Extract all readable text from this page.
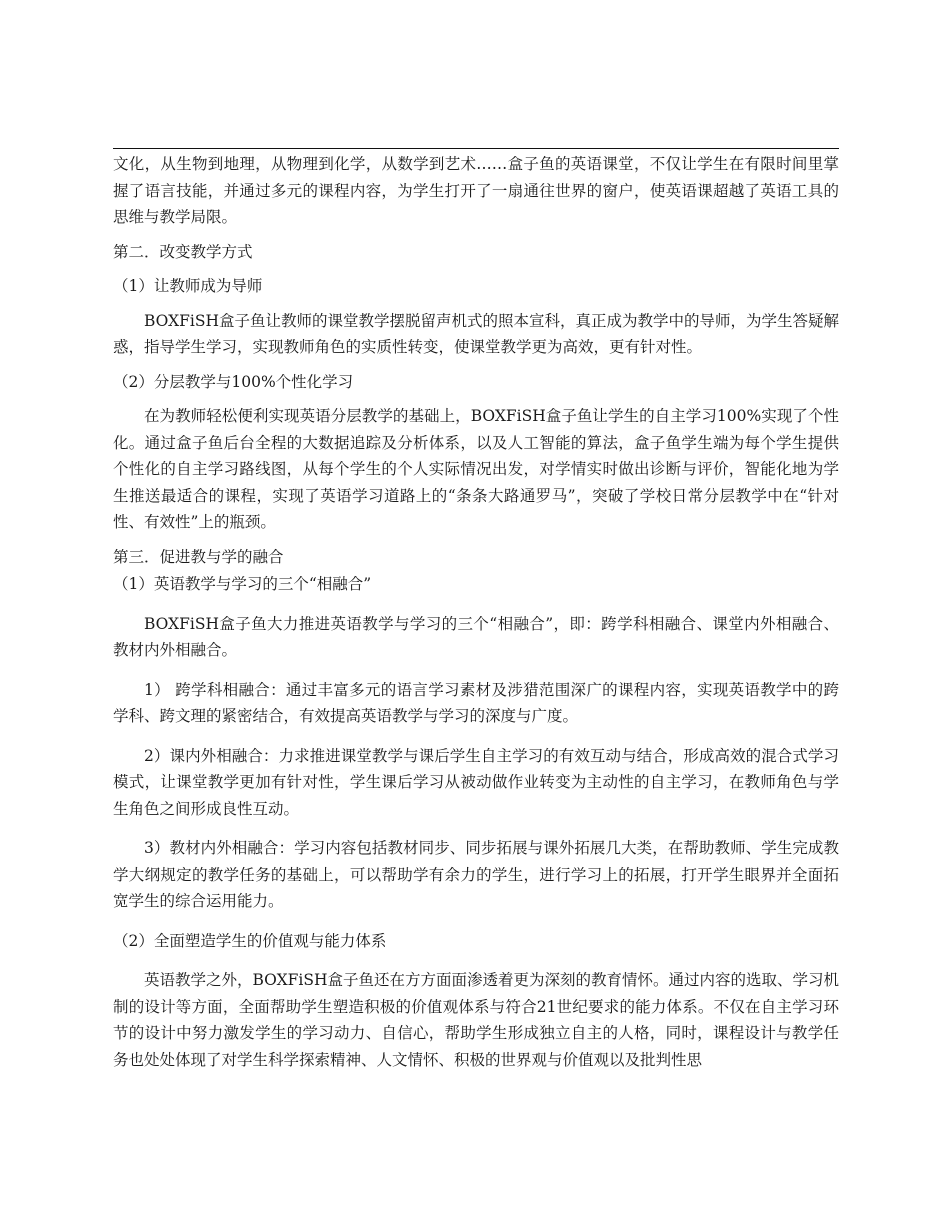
文化，从生物到地理，从物理到化学，从数学到艺术……盒子鱼的英语课堂，不仅让学生在有限时间里掌握了语言技能，并通过多元的课程内容，为学生打开了一扇通往世界的窗户，使英语课超越了英语工具的思维与教学局限。

第二．改变教学方式

（1）让教师成为导师

BOXFiSH盒子鱼让教师的课堂教学摆脱留声机式的照本宣科，真正成为教学中的导师，为学生答疑解惑，指导学生学习，实现教师角色的实质性转变，使课堂教学更为高效，更有针对性。

（2）分层教学与100%个性化学习

在为教师轻松便利实现英语分层教学的基础上，BOXFiSH盒子鱼让学生的自主学习100%实现了个性化。通过盒子鱼后台全程的大数据追踪及分析体系，以及人工智能的算法，盒子鱼学生端为每个学生提供个性化的自主学习路线图，从每个学生的个人实际情况出发，对学情实时做出诊断与评价，智能化地为学生推送最适合的课程，实现了英语学习道路上的“条条大路通罗马”，突破了学校日常分层教学中在“针对性、有效性”上的瓶颈。

第三．促进教与学的融合

（1）英语教学与学习的三个“相融合”

BOXFiSH盒子鱼大力推进英语教学与学习的三个“相融合”，即：跨学科相融合、课堂内外相融合、教材内外相融合。

1） 跨学科相融合：通过丰富多元的语言学习素材及涉猎范围深广的课程内容，实现英语教学中的跨学科、跨文理的紧密结合，有效提高英语教学与学习的深度与广度。

2）课内外相融合：力求推进课堂教学与课后学生自主学习的有效互动与结合，形成高效的混合式学习模式，让课堂教学更加有针对性，学生课后学习从被动做作业转变为主动性的自主学习，在教师角色与学生角色之间形成良性互动。

3）教材内外相融合：学习内容包括教材同步、同步拓展与课外拓展几大类，在帮助教师、学生完成教学大纲规定的教学任务的基础上，可以帮助学有余力的学生，进行学习上的拓展，打开学生眼界并全面拓宽学生的综合运用能力。

（2）全面塑造学生的价值观与能力体系

英语教学之外，BOXFiSH盒子鱼还在方方面面渗透着更为深刻的教育情怀。通过内容的选取、学习机制的设计等方面，全面帮助学生塑造积极的价值观体系与符合21世纪要求的能力体系。不仅在自主学习环节的设计中努力激发学生的学习动力、自信心，帮助学生形成独立自主的人格，同时，课程设计与教学任务也处处体现了对学生科学探索精神、人文情怀、积极的世界观与价值观以及批判性思
